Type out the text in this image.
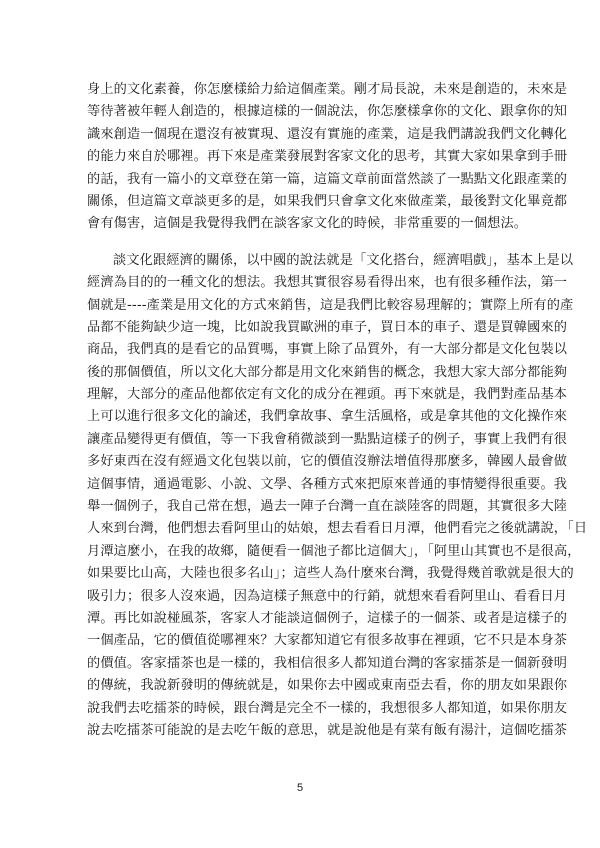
身上的文化素養，你怎麼樣給力給這個產業。剛才局長說，未來是創造的，未來是
等待著被年輕人創造的，根據這樣的一個說法，你怎麼樣拿你的文化、跟拿你的知
識來創造一個現在還沒有被實現、還沒有實施的產業，這是我們講說我們文化轉化
的能力來自於哪裡。再下來是產業發展對客家文化的思考，其實大家如果拿到手冊
的話，我有一篇小的文章登在第一篇，這篇文章前面當然談了一點點文化跟產業的
關係，但這篇文章談更多的是，如果我們只會拿文化來做產業，最後對文化畢竟都
會有傷害，這個是我覺得我們在談客家文化的時候，非常重要的一個想法。
談文化跟經濟的關係，以中國的說法就是「文化搭台，經濟唱戲」，基本上是以
經濟為目的的一種文化的想法。我想其實很容易看得出來，也有很多種作法，第一
個就是----產業是用文化的方式來銷售，這是我們比較容易理解的；實際上所有的產
品都不能夠缺少這一塊，比如說我買歐洲的車子，買日本的車子、還是買韓國來的
商品，我們真的是看它的品質嗎，事實上除了品質外，有一大部分都是文化包裝以
後的那個價值，所以文化大部分都是用文化來銷售的概念，我想大家大部分都能夠
理解，大部分的產品他都依定有文化的成分在裡頭。再下來就是，我們對產品基本
上可以進行很多文化的論述，我們拿故事、拿生活風格，或是拿其他的文化操作來
讓產品變得更有價值，等一下我會稍微談到一點點這樣子的例子，事實上我們有很
多好東西在沒有經過文化包裝以前，它的價值沒辦法增值得那麼多，韓國人最會做
這個事情，通過電影、小說、文學、各種方式來把原來普通的事情變得很重要。我
舉一個例子，我自己常在想，過去一陣子台灣一直在談陸客的問題，其實很多大陸
人來到台灣，他們想去看阿里山的姑娘，想去看看日月潭，他們看完之後就講說，「日
月潭這麼小，在我的故鄉，隨便看一個池子都比這個大」，「阿里山其實也不是很高，
如果要比山高，大陸也很多名山」；這些人為什麼來台灣，我覺得幾首歌就是很大的
吸引力；很多人沒來過，因為這樣子無意中的行銷，就想來看看阿里山、看看日月
潭。再比如說椪風茶，客家人才能談這個例子，這樣子的一個茶、或者是這樣子的
一個產品，它的價值從哪裡來？大家都知道它有很多故事在裡頭，它不只是本身茶
的價值。客家擂茶也是一樣的，我相信很多人都知道台灣的客家擂茶是一個新發明
的傳統，我說新發明的傳統就是，如果你去中國或東南亞去看，你的朋友如果跟你
說我們去吃擂茶的時候，跟台灣是完全不一樣的，我想很多人都知道，如果你朋友
說去吃擂茶可能說的是去吃午飯的意思，就是說他是有菜有飯有湯汁，這個吃擂茶
5
